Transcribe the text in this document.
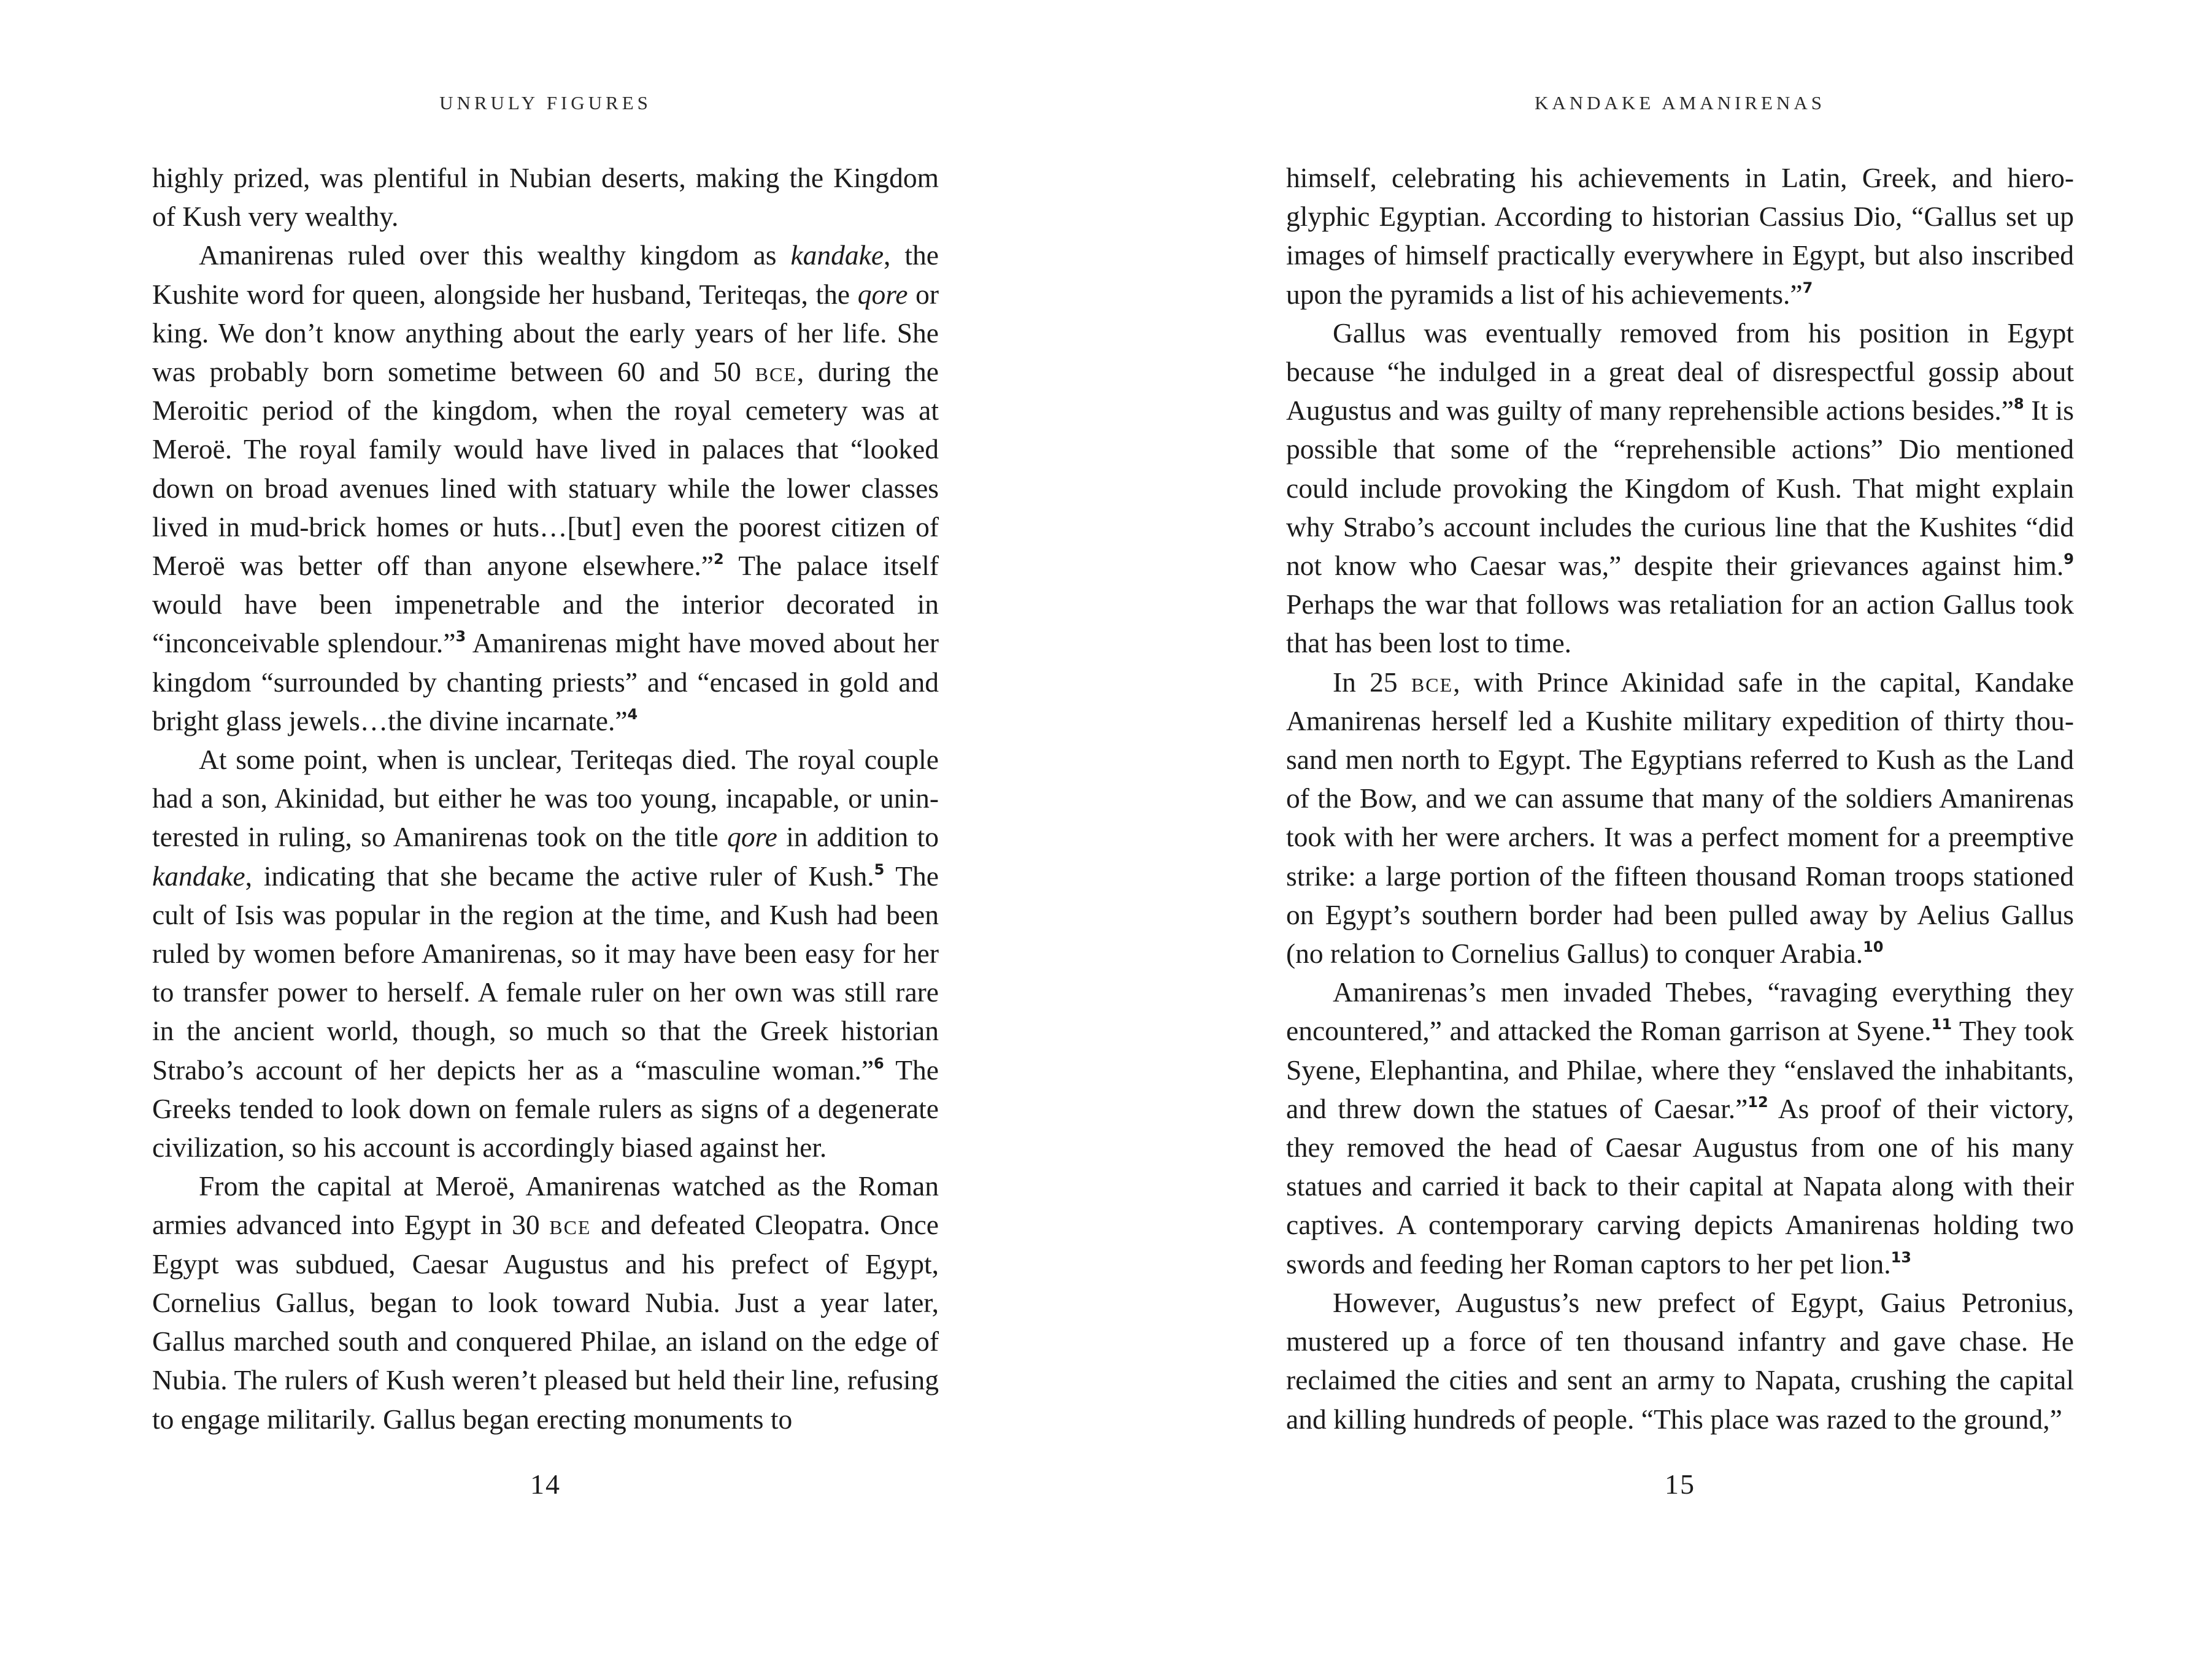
UNRULY FIGURES

highly prized, was plentiful in Nubian deserts, making the Kingdom of Kush very wealthy.

Amanirenas ruled over this wealthy kingdom as kandake, the Kushite word for queen, alongside her husband, Teriteqas, the qore or king. We don’t know anything about the early years of her life. She was probably born sometime between 60 and 50 bce, during the Meroitic period of the kingdom, when the royal cemetery was at Meroë. The royal family would have lived in palaces that “looked down on broad avenues lined with statuary while the lower classes lived in mud-brick homes or huts…[but] even the poorest citizen of Meroë was better off than anyone elsewhere.”$^2$ The palace itself would have been impenetrable and the interior decorated in “inconceivable splendour.”$^3$ Amanirenas might have moved about her kingdom “surrounded by chanting priests” and “encased in gold and bright glass jewels…the divine incarnate.”$^4$

At some point, when is unclear, Teriteqas died. The royal couple had a son, Akinidad, but either he was too young, incapable, or uninterested in ruling, so Amanirenas took on the title qore in addition to kandake, indicating that she became the active ruler of Kush.$^5$ The cult of Isis was popular in the region at the time, and Kush had been ruled by women before Amanirenas, so it may have been easy for her to transfer power to herself. A female ruler on her own was still rare in the ancient world, though, so much so that the Greek historian Strabo’s account of her depicts her as a “masculine woman.”$^6$ The Greeks tended to look down on female rulers as signs of a degenerate civilization, so his account is accordingly biased against her.

From the capital at Meroë, Amanirenas watched as the Roman armies advanced into Egypt in 30 bce and defeated Cleopatra. Once Egypt was subdued, Caesar Augustus and his prefect of Egypt, Cornelius Gallus, began to look toward Nubia. Just a year later, Gallus marched south and conquered Philae, an island on the edge of Nubia. The rulers of Kush weren’t pleased but held their line, refusing to engage militarily. Gallus began erecting monuments to

14
KANDAKE AMANIRENAS

himself, celebrating his achievements in Latin, Greek, and hieroglyphic Egyptian. According to historian Cassius Dio, “Gallus set up images of himself practically everywhere in Egypt, but also inscribed upon the pyramids a list of his achievements.”$^7$

Gallus was eventually removed from his position in Egypt because “he indulged in a great deal of disrespectful gossip about Augustus and was guilty of many reprehensible actions besides.”$^8$ It is possible that some of the “reprehensible actions” Dio mentioned could include provoking the Kingdom of Kush. That might explain why Strabo’s account includes the curious line that the Kushites “did not know who Caesar was,” despite their grievances against him.$^9$ Perhaps the war that follows was retaliation for an action Gallus took that has been lost to time.

In 25 bce, with Prince Akinidad safe in the capital, Kandake Amanirenas herself led a Kushite military expedition of thirty thousand men north to Egypt. The Egyptians referred to Kush as the Land of the Bow, and we can assume that many of the soldiers Amanirenas took with her were archers. It was a perfect moment for a preemptive strike: a large portion of the fifteen thousand Roman troops stationed on Egypt’s southern border had been pulled away by Aelius Gallus (no relation to Cornelius Gallus) to conquer Arabia.$^{10}$

Amanirenas’s men invaded Thebes, “ravaging everything they encountered,” and attacked the Roman garrison at Syene.$^{11}$ They took Syene, Elephantina, and Philae, where they “enslaved the inhabitants, and threw down the statues of Caesar.”$^{12}$ As proof of their victory, they removed the head of Caesar Augustus from one of his many statues and carried it back to their capital at Napata along with their captives. A contemporary carving depicts Amanirenas holding two swords and feeding her Roman captors to her pet lion.$^{13}$

However, Augustus’s new prefect of Egypt, Gaius Petronius, mustered up a force of ten thousand infantry and gave chase. He reclaimed the cities and sent an army to Napata, crushing the capital and killing hundreds of people. “This place was razed to the ground,”

15
